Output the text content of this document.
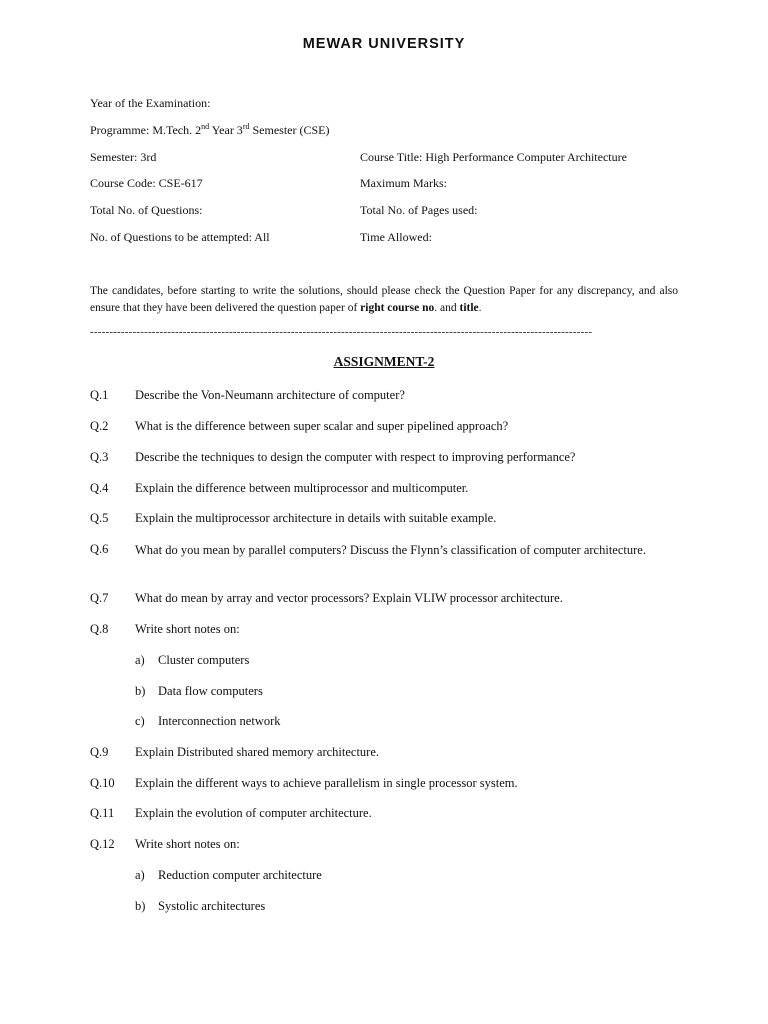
MEWAR UNIVERSITY
Year of the Examination:
Programme: M.Tech. 2nd Year 3rd Semester (CSE)
Semester: 3rd	Course Title: High Performance Computer Architecture
Course Code: CSE-617	Maximum Marks:
Total No. of Questions:	Total No. of Pages used:
No. of Questions to be attempted: All	Time Allowed:
The candidates, before starting to write the solutions, should please check the Question Paper for any discrepancy, and also ensure that they have been delivered the question paper of right course no. and title.
----------------------------------------------------------------------------------------------------------------------------------
ASSIGNMENT-2
Q.1 Describe the Von-Neumann architecture of computer?
Q.2 What is the difference between super scalar and super pipelined approach?
Q.3 Describe the techniques to design the computer with respect to improving performance?
Q.4 Explain the difference between multiprocessor and multicomputer.
Q.5 Explain the multiprocessor architecture in details with suitable example.
Q.6 What do you mean by parallel computers? Discuss the Flynn’s classification of computer architecture.
Q.7 What do mean by array and vector processors? Explain VLIW processor architecture.
Q.8 Write short notes on:
a) Cluster computers
b) Data flow computers
c) Interconnection network
Q.9 Explain Distributed shared memory architecture.
Q.10 Explain the different ways to achieve parallelism in single processor system.
Q.11 Explain the evolution of computer architecture.
Q.12 Write short notes on:
a) Reduction computer architecture
b) Systolic architectures
